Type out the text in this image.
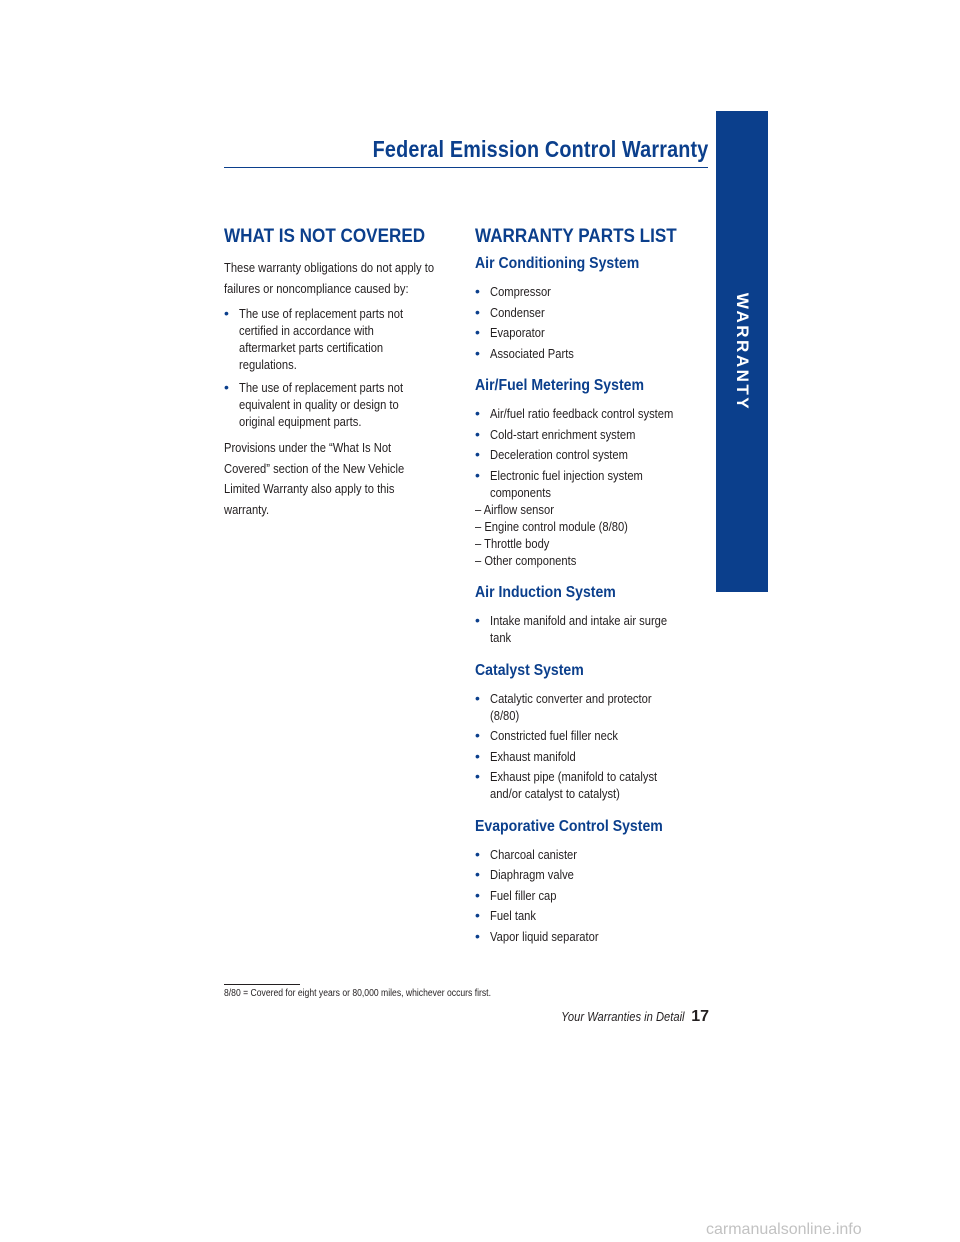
WARRANTY
Federal Emission Control Warranty
WHAT IS NOT COVERED
These warranty obligations do not apply to
failures or noncompliance caused by:
• The use of replacement parts not
certified in accordance with
aftermarket parts certification
regulations.
• The use of replacement parts not
equivalent in quality or design to
original equipment parts.
Provisions under the “What Is Not
Covered” section of the New Vehicle
Limited Warranty also apply to this
warranty.
WARRANTY PARTS LIST
Air Conditioning System
• Compressor
• Condenser
• Evaporator
• Associated Parts
Air/Fuel Metering System
• Air/fuel ratio feedback control system
• Cold-start enrichment system
• Deceleration control system
• Electronic fuel injection system
components
– Airflow sensor
– Engine control module (8/80)
– Throttle body
– Other components
Air Induction System
• Intake manifold and intake air surge
tank
Catalyst System
• Catalytic converter and protector
(8/80)
• Constricted fuel filler neck
• Exhaust manifold
• Exhaust pipe (manifold to catalyst
and/or catalyst to catalyst)
Evaporative Control System
• Charcoal canister
• Diaphragm valve
• Fuel filler cap
• Fuel tank
• Vapor liquid separator
8/80 = Covered for eight years or 80,000 miles, whichever occurs first.
Your Warranties in Detail 17
carmanualsonline.info
